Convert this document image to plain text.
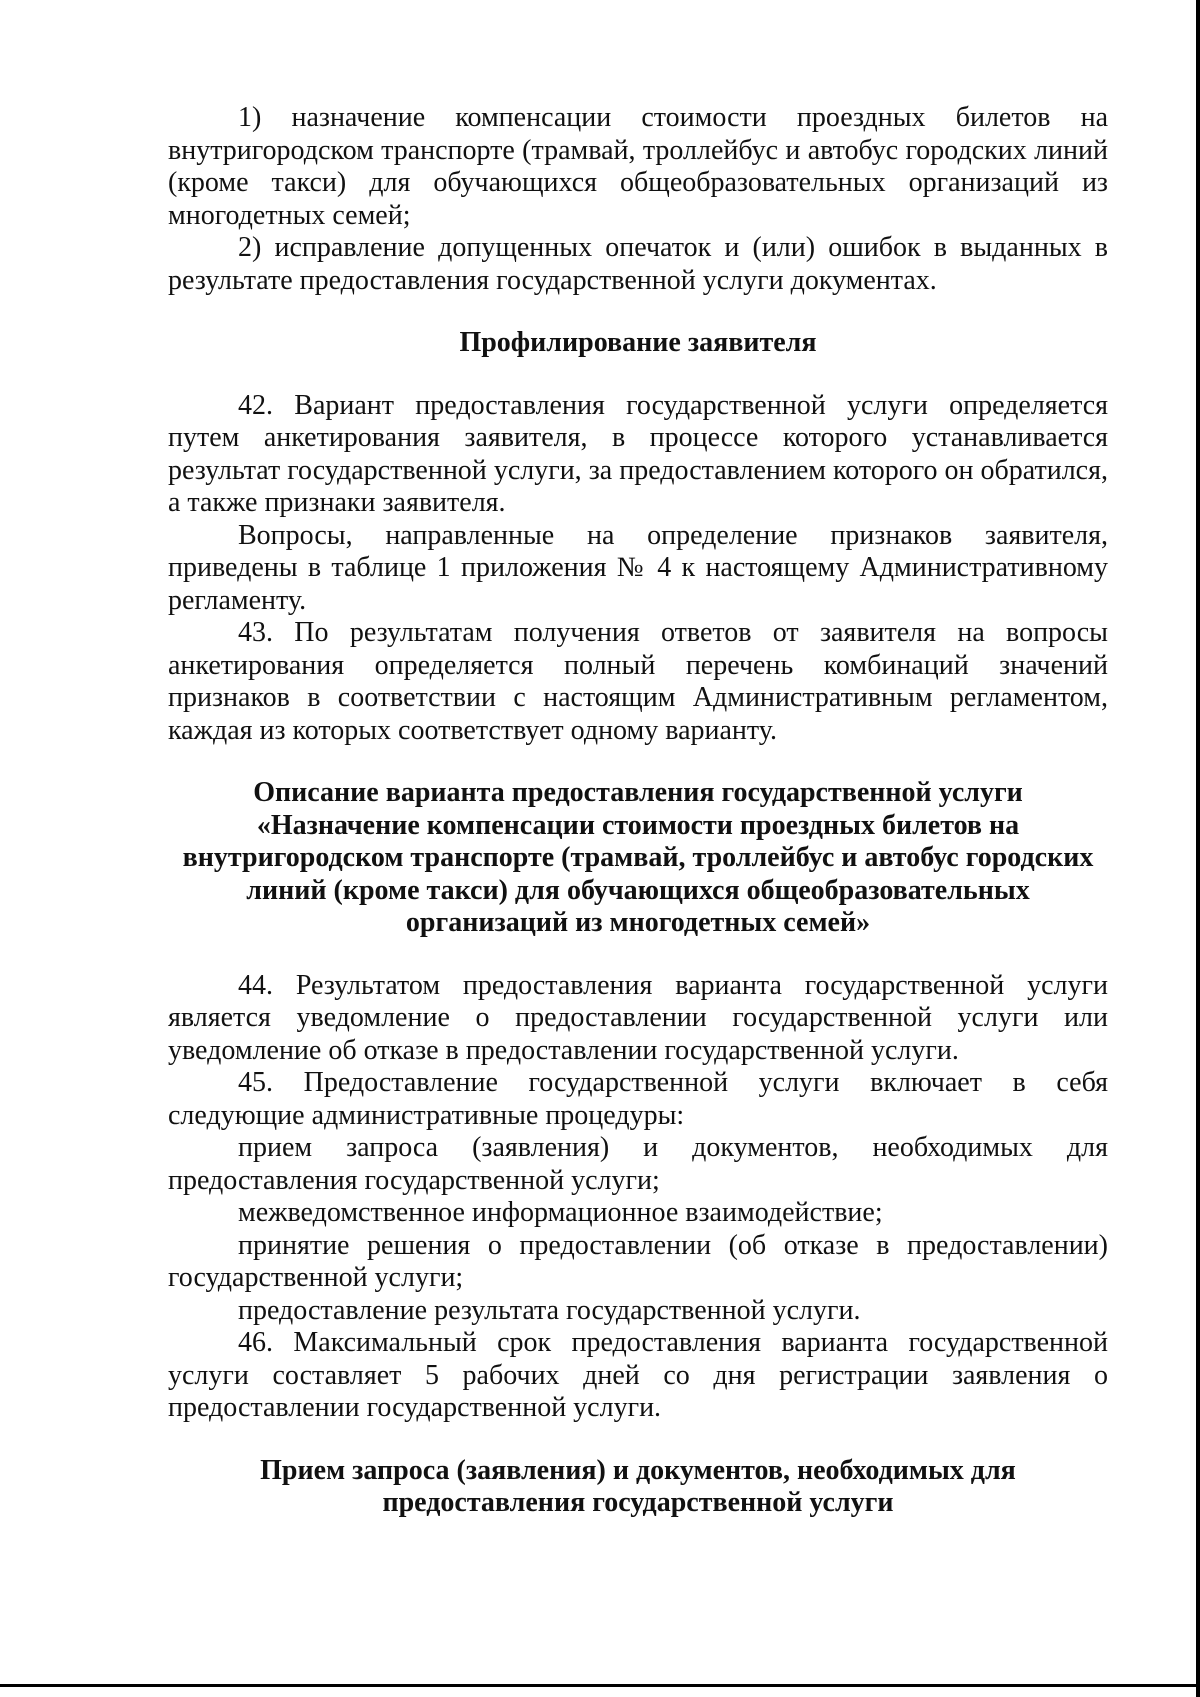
1) назначение компенсации стоимости проездных билетов на внутригородском транспорте (трамвай, троллейбус и автобус городских линий (кроме такси) для обучающихся общеобразовательных организаций из многодетных семей;

2) исправление допущенных опечаток и (или) ошибок в выданных в результате предоставления государственной услуги документах.

Профилирование заявителя

42. Вариант предоставления государственной услуги определяется путем анкетирования заявителя, в процессе которого устанавливается результат государственной услуги, за предоставлением которого он обратился, а также признаки заявителя.

Вопросы, направленные на определение признаков заявителя, приведены в таблице 1 приложения № 4 к настоящему Административному регламенту.

43. По результатам получения ответов от заявителя на вопросы анкетирования определяется полный перечень комбинаций значений признаков в соответствии с настоящим Административным регламентом, каждая из которых соответствует одному варианту.

Описание варианта предоставления государственной услуги
«Назначение компенсации стоимости проездных билетов на
внутригородском транспорте (трамвай, троллейбус и автобус городских
линий (кроме такси) для обучающихся общеобразовательных
организаций из многодетных семей»

44. Результатом предоставления варианта государственной услуги является уведомление о предоставлении государственной услуги или уведомление об отказе в предоставлении государственной услуги.

45. Предоставление государственной услуги включает в себя следующие административные процедуры:

прием запроса (заявления) и документов, необходимых для предоставления государственной услуги;

межведомственное информационное взаимодействие;

принятие решения о предоставлении (об отказе в предоставлении) государственной услуги;

предоставление результата государственной услуги.

46. Максимальный срок предоставления варианта государственной услуги составляет 5 рабочих дней со дня регистрации заявления о предоставлении государственной услуги.

Прием запроса (заявления) и документов, необходимых для
предоставления государственной услуги
